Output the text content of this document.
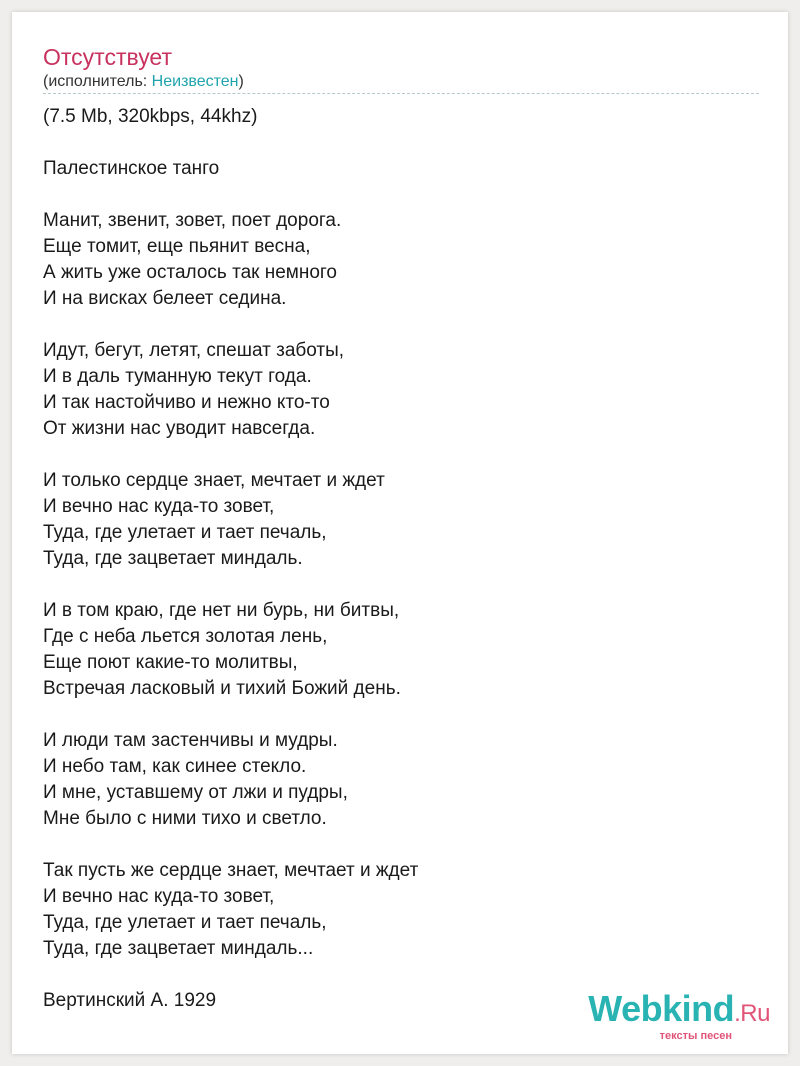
Отсутствует
(исполнитель: Неизвестен)
(7.5 Mb, 320kbps, 44khz)
Палестинское танго
Манит, звенит, зовет, поет дорога.
Еще томит, еще пьянит весна,
А жить уже осталось так немного
И на висках белеет седина.
Идут, бегут, летят, спешат заботы,
И в даль туманную текут года.
И так настойчиво и нежно кто-то
От жизни нас уводит навсегда.
И только сердце знает, мечтает и ждет
И вечно нас куда-то зовет,
Туда, где улетает и тает печаль,
Туда, где зацветает миндаль.
И в том краю, где нет ни бурь, ни битвы,
Где с неба льется золотая лень,
Еще поют какие-то молитвы,
Встречая ласковый и тихий Божий день.
И люди там застенчивы и мудры.
И небо там, как синее стекло.
И мне, уставшему от лжи и пудры,
Мне было с ними тихо и светло.
Так пусть же сердце знает, мечтает и ждет
И вечно нас куда-то зовет,
Туда, где улетает и тает печаль,
Туда, где зацветает миндаль...
Вертинский А. 1929	Webkind.Ru
тексты песен
